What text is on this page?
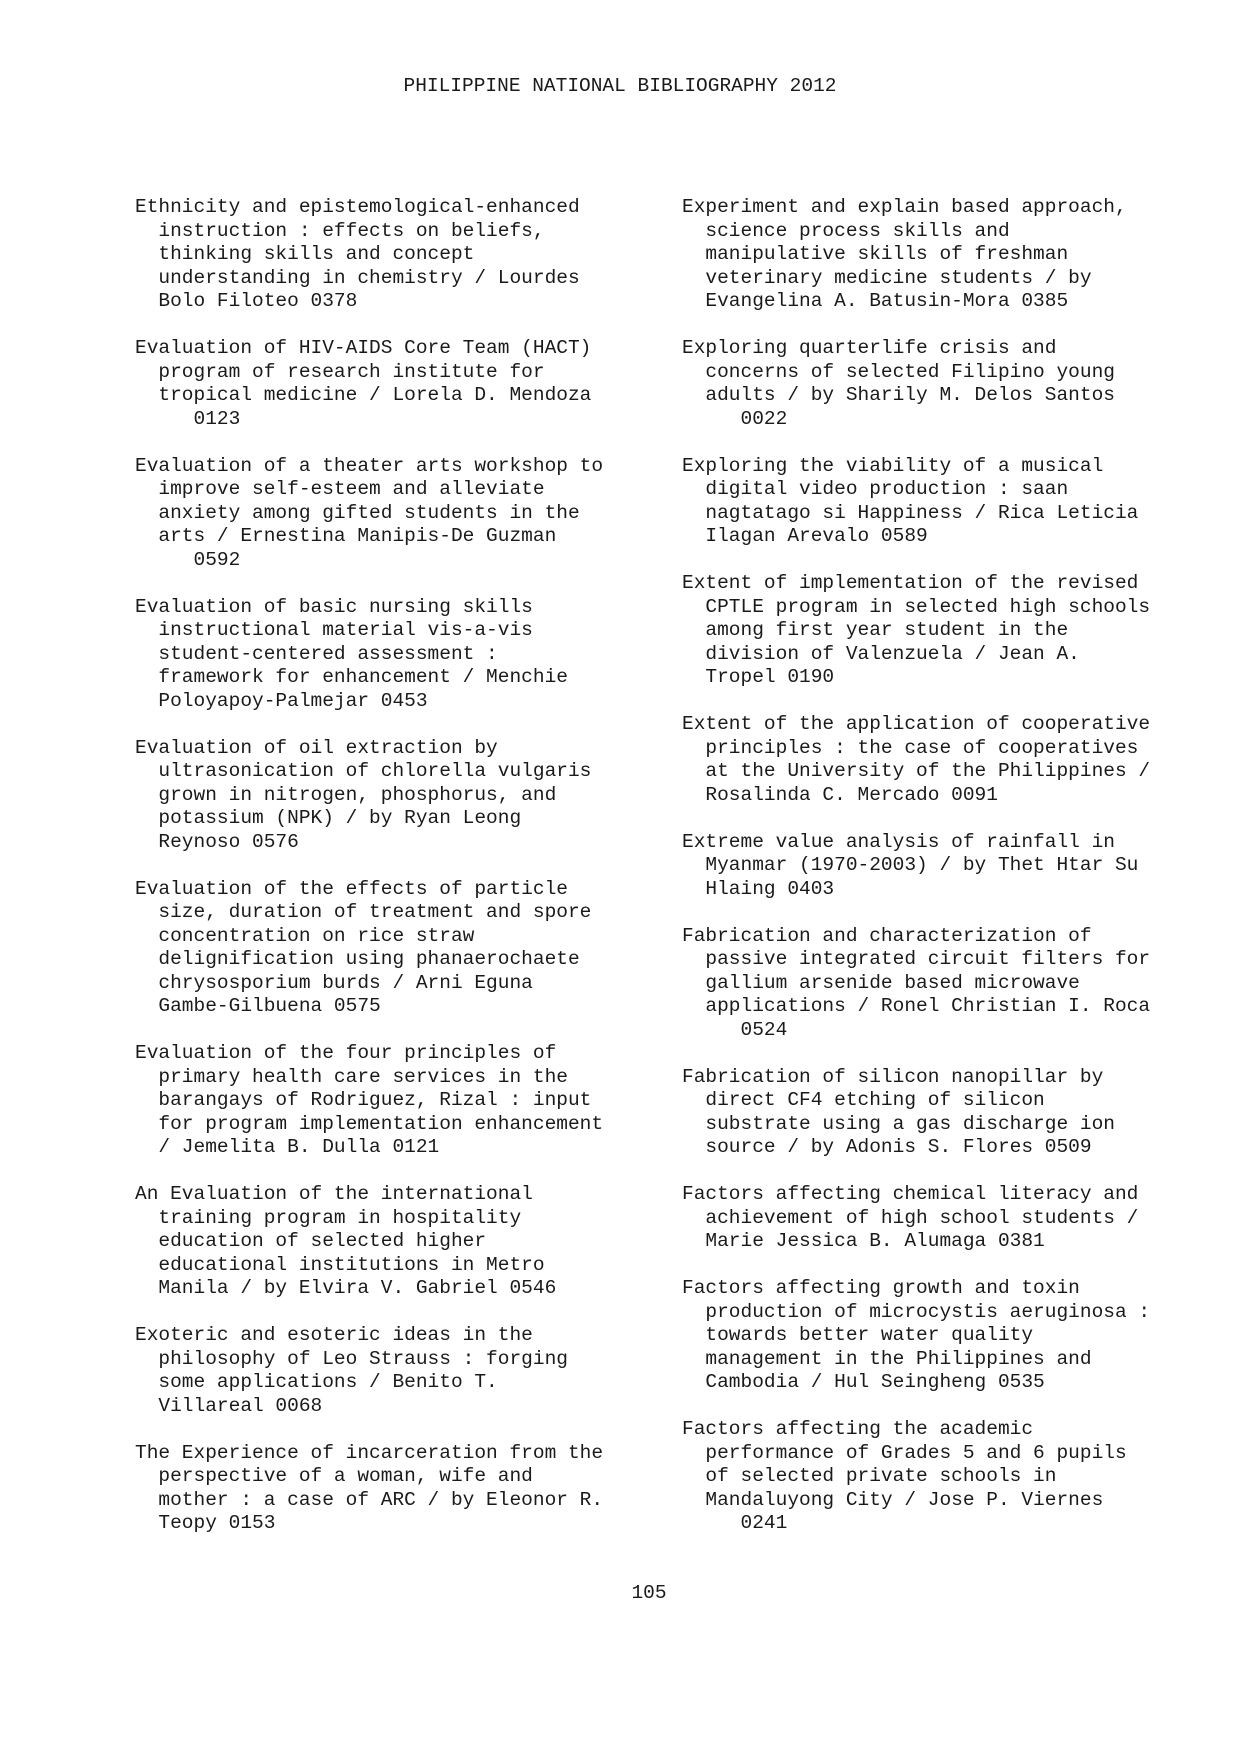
PHILIPPINE NATIONAL BIBLIOGRAPHY 2012
Ethnicity and epistemological-enhanced
instruction : effects on beliefs,
thinking skills and concept
understanding in chemistry / Lourdes
Bolo Filoteo 0378
Evaluation of HIV-AIDS Core Team (HACT)
program of research institute for
tropical medicine / Lorela D. Mendoza
0123
Evaluation of a theater arts workshop to
improve self-esteem and alleviate
anxiety among gifted students in the
arts / Ernestina Manipis-De Guzman
0592
Evaluation of basic nursing skills
instructional material vis-a-vis
student-centered assessment :
framework for enhancement / Menchie
Poloyapoy-Palmejar 0453
Evaluation of oil extraction by
ultrasonication of chlorella vulgaris
grown in nitrogen, phosphorus, and
potassium (NPK) / by Ryan Leong
Reynoso 0576
Evaluation of the effects of particle
size, duration of treatment and spore
concentration on rice straw
delignification using phanaerochaete
chrysosporium burds / Arni Eguna
Gambe-Gilbuena 0575
Evaluation of the four principles of
primary health care services in the
barangays of Rodriguez, Rizal : input
for program implementation enhancement
/ Jemelita B. Dulla 0121
An Evaluation of the international
training program in hospitality
education of selected higher
educational institutions in Metro
Manila / by Elvira V. Gabriel 0546
Exoteric and esoteric ideas in the
philosophy of Leo Strauss : forging
some applications / Benito T.
Villareal 0068
The Experience of incarceration from the
perspective of a woman, wife and
mother : a case of ARC / by Eleonor R.
Teopy 0153
Experiment and explain based approach,
science process skills and
manipulative skills of freshman
veterinary medicine students / by
Evangelina A. Batusin-Mora 0385
Exploring quarterlife crisis and
concerns of selected Filipino young
adults / by Sharily M. Delos Santos
0022
Exploring the viability of a musical
digital video production : saan
nagtatago si Happiness / Rica Leticia
Ilagan Arevalo 0589
Extent of implementation of the revised
CPTLE program in selected high schools
among first year student in the
division of Valenzuela / Jean A.
Tropel 0190
Extent of the application of cooperative
principles : the case of cooperatives
at the University of the Philippines /
Rosalinda C. Mercado 0091
Extreme value analysis of rainfall in
Myanmar (1970-2003) / by Thet Htar Su
Hlaing 0403
Fabrication and characterization of
passive integrated circuit filters for
gallium arsenide based microwave
applications / Ronel Christian I. Roca
0524
Fabrication of silicon nanopillar by
direct CF4 etching of silicon
substrate using a gas discharge ion
source / by Adonis S. Flores 0509
Factors affecting chemical literacy and
achievement of high school students /
Marie Jessica B. Alumaga 0381
Factors affecting growth and toxin
production of microcystis aeruginosa :
towards better water quality
management in the Philippines and
Cambodia / Hul Seingheng 0535
Factors affecting the academic
performance of Grades 5 and 6 pupils
of selected private schools in
Mandaluyong City / Jose P. Viernes
0241
105
